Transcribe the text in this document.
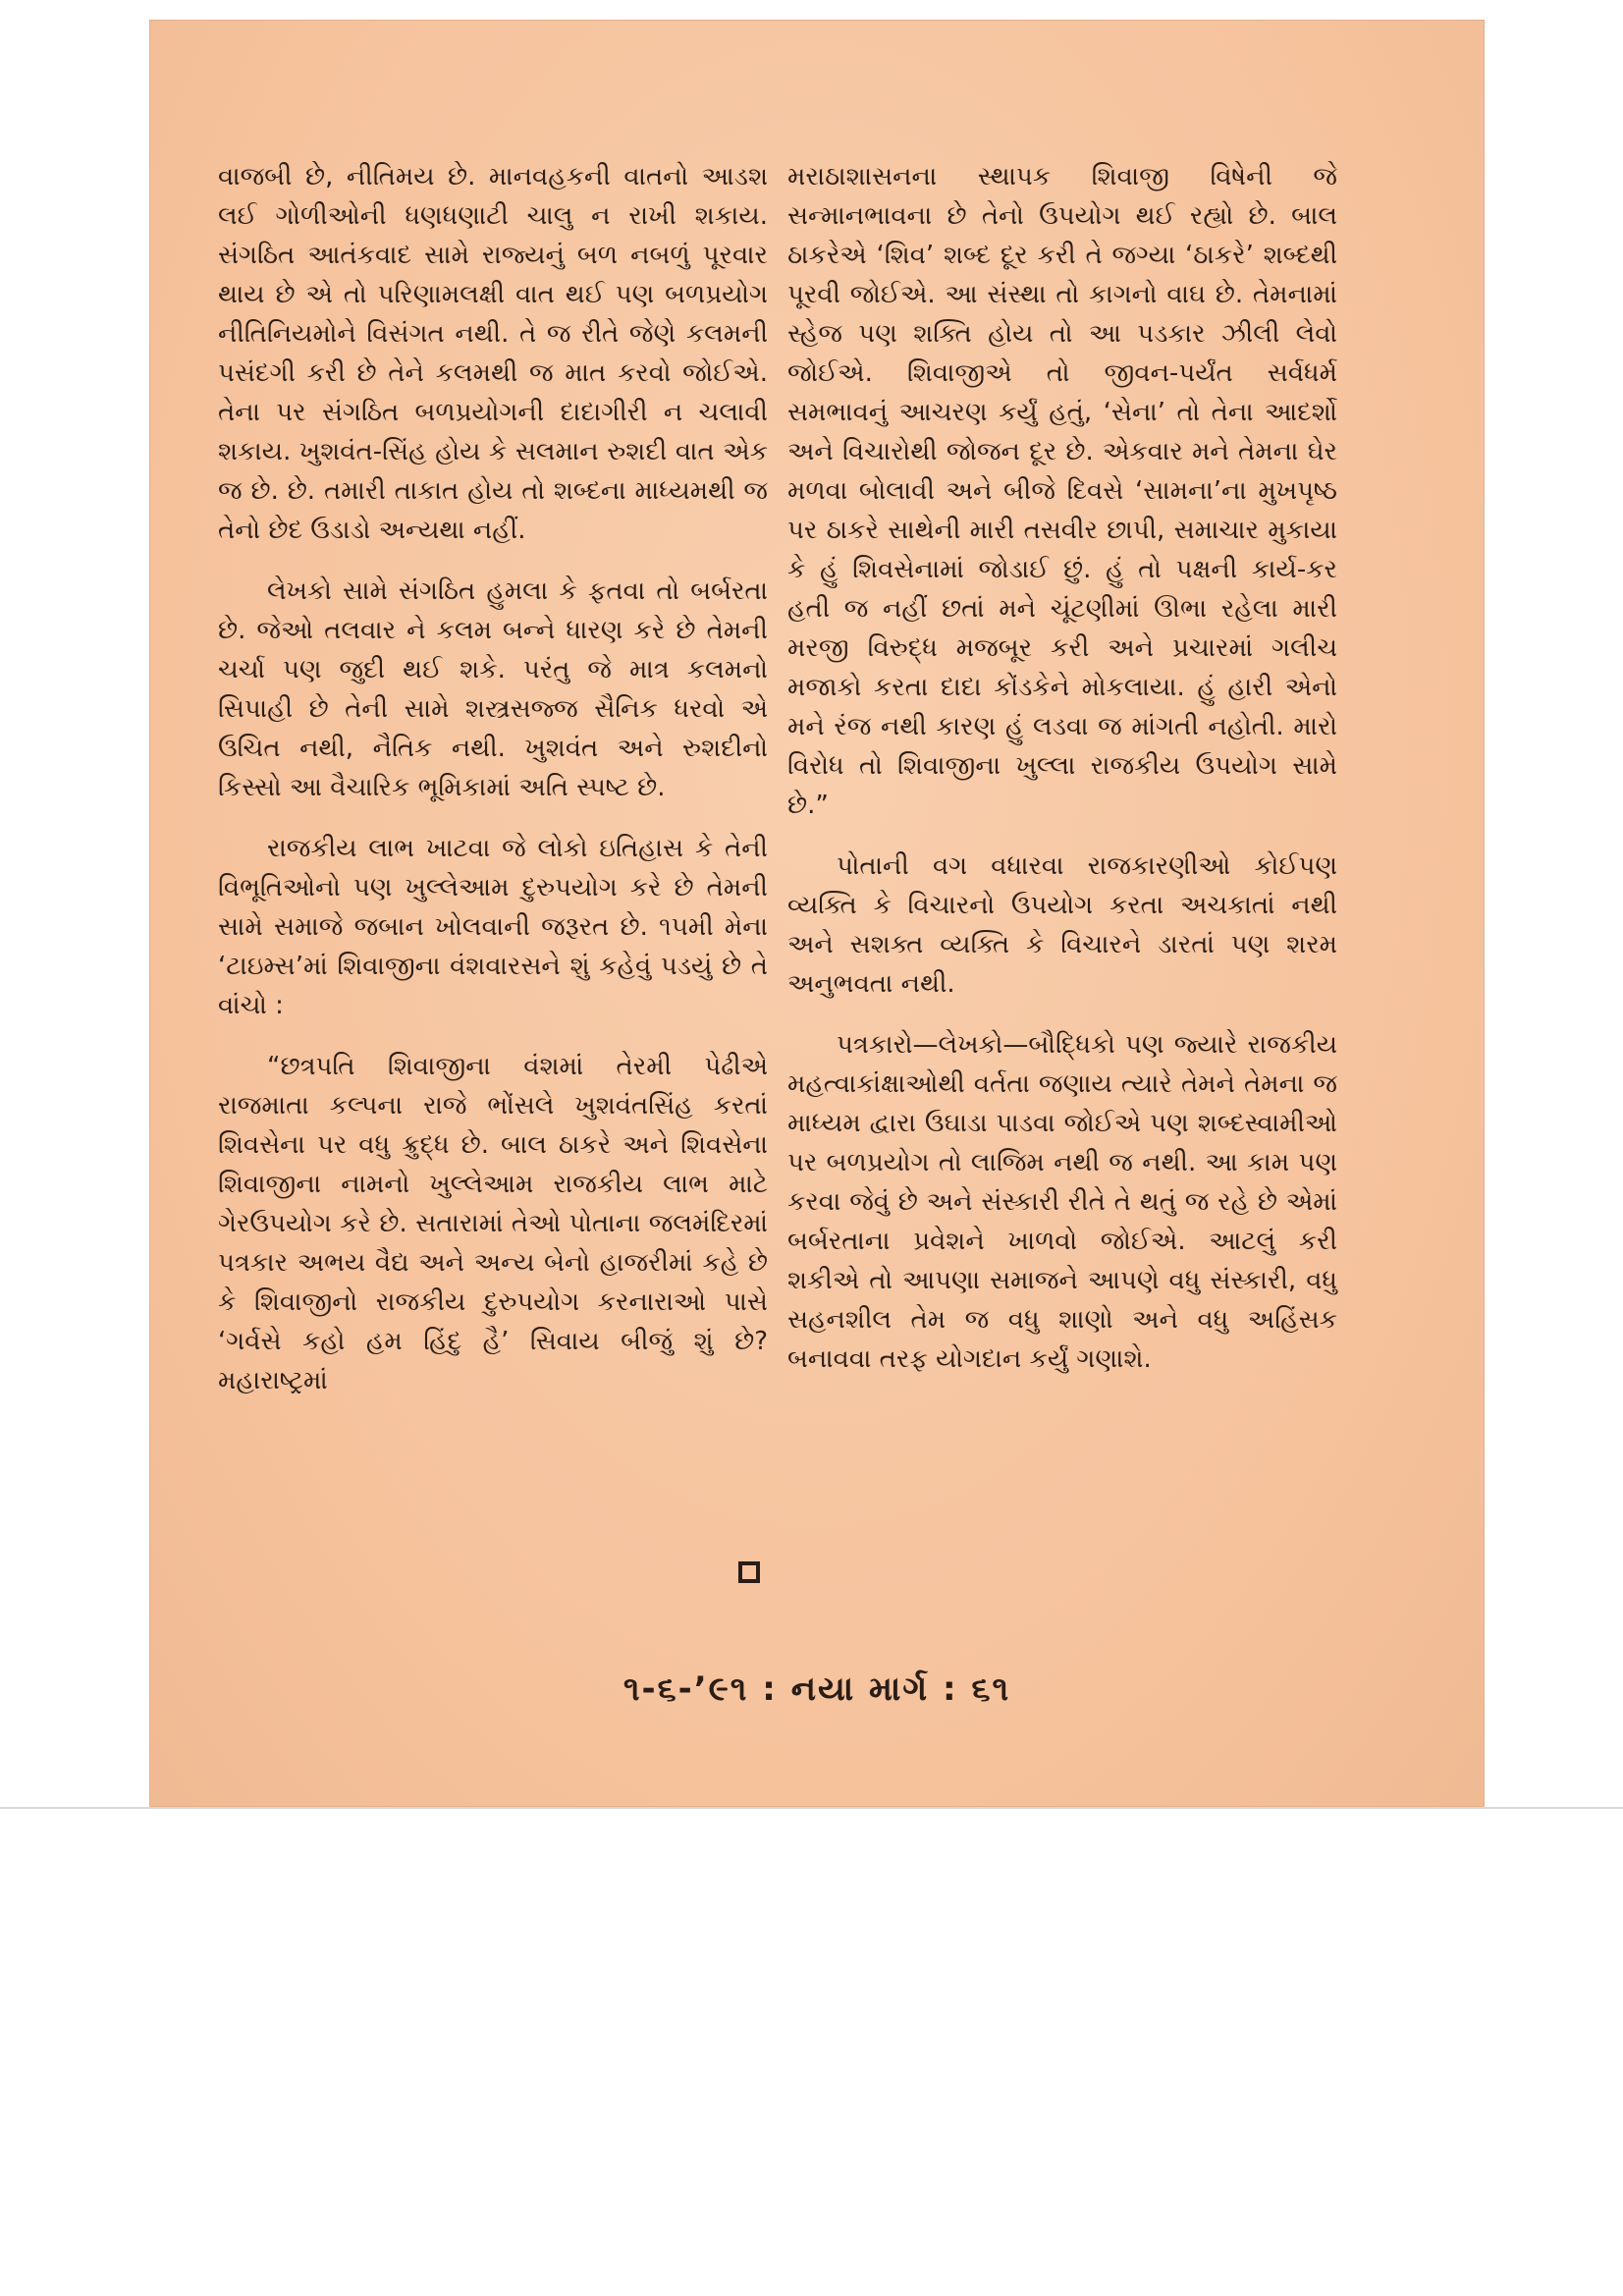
વાજબી છે, નીતિમય છે. માનવહકની વાતનો આડશ લઈ ગોળીઓની ધણધણાટી ચાલુ ન રાખી શકાય. સંગઠિત આતંકવાદ સામે રાજ્યનું બળ નબળું પૂરવાર થાય છે એ તો પરિણામલક્ષી વાત થઈ પણ બળપ્રયોગ નીતિનિયમોને વિસંગત નથી. તે જ રીતે જેણે કલમની પસંદગી કરી છે તેને કલમથી જ માત કરવો જોઈએ. તેના પર સંગઠિત બળપ્રયોગની દાદાગીરી ન ચલાવી શકાય. ખુશવંત-સિંહ હોય કે સલમાન રુશદી વાત એક જ છે. છે. તમારી તાકાત હોય તો શબ્દના માધ્યમથી જ તેનો છેદ ઉડાડો અન્યથા નહીં.

લેખકો સામે સંગઠિત હુમલા કે ફતવા તો બર્બરતા છે. જેઓ તલવાર ને કલમ બન્ને ધારણ કરે છે તેમની ચર્ચા પણ જુદી થઈ શકે. પરંતુ જે માત્ર કલમનો સિપાહી છે તેની સામે શસ્ત્રસજ્જ સૈનિક ધરવો એ ઉચિત નથી, નૈતિક નથી. ખુશવંત અને રુશદીનો કિસ્સો આ વૈચારિક ભૂમિકામાં અતિ સ્પષ્ટ છે.

રાજકીય લાભ ખાટવા જે લોકો ઇતિહાસ કે તેની વિભૂતિઓનો પણ ખુલ્લેઆમ દુરુપયોગ કરે છે તેમની સામે સમાજે જબાન ખોલવાની જરૂરત છે. ૧૫મી મેના ‘ટાઇમ્સ’માં શિવાજીના વંશવારસને શું કહેવું પડયું છે તે વાંચો :

“છત્રપતિ શિવાજીના વંશમાં તેરમી પેઢીએ રાજમાતા કલ્પના રાજે ભોંસલે ખુશવંતસિંહ કરતાં શિવસેના પર વધુ ક્રુદ્ધ છે. બાલ ઠાકરે અને શિવસેના શિવાજીના નામનો ખુલ્લેઆમ રાજકીય લાભ માટે ગેરઉપયોગ કરે છે. સતારામાં તેઓ પોતાના જલમંદિરમાં પત્રકાર અભય વૈદ્ય અને અન્ય બેનો હાજરીમાં કહે છે કે શિવાજીનો રાજકીય દુરુપયોગ કરનારાઓ પાસે ‘ગર્વસે કહો હમ હિંદુ હૈ’ સિવાય બીજું શું છે? મહારાષ્ટ્રમાં

મરાઠાશાસનના સ્થાપક શિવાજી વિષેની જે સન્માનભાવના છે તેનો ઉપયોગ થઈ રહ્યો છે. બાલ ઠાકરેએ ‘શિવ’ શબ્દ દૂર કરી તે જગ્યા ‘ઠાકરે’ શબ્દથી પૂરવી જોઈએ. આ સંસ્થા તો કાગનો વાઘ છે. તેમનામાં સ્હેજ પણ શક્તિ હોય તો આ પડકાર ઝીલી લેવો જોઈએ. શિવાજીએ તો જીવન-પર્યંત સર્વધર્મ સમભાવનું આચરણ કર્યું હતું, ‘સેના’ તો તેના આદર્શો અને વિચારોથી જોજન દૂર છે. એકવાર મને તેમના ઘેર મળવા બોલાવી અને બીજે દિવસે ‘સામના’ના મુખપૃષ્ઠ પર ઠાકરે સાથેની મારી તસવીર છાપી, સમાચાર મુકાયા કે હું શિવસેનામાં જોડાઈ છું. હું તો પક્ષની કાર્ય-કર હતી જ નહીં છતાં મને ચૂંટણીમાં ઊભા રહેલા મારી મરજી વિરુદ્ધ મજબૂર કરી અને પ્રચારમાં ગલીચ મજાકો કરતા દાદા કોંડકેને મોકલાયા. હું હારી એનો મને રંજ નથી કારણ હું લડવા જ માંગતી નહોતી. મારો વિરોધ તો શિવાજીના ખુલ્લા રાજકીય ઉપયોગ સામે છે.”

પોતાની વગ વધારવા રાજકારણીઓ કોઈપણ વ્યક્તિ કે વિચારનો ઉપયોગ કરતા અચકાતાં નથી અને સશક્ત વ્યક્તિ કે વિચારને ડારતાં પણ શરમ અનુભવતા નથી.

પત્રકારો—લેખકો—બૌદ્ધિકો પણ જ્યારે રાજકીય મહત્વાકાંક્ષાઓથી વર્તતા જણાય ત્યારે તેમને તેમના જ માધ્યમ દ્વારા ઉઘાડા પાડવા જોઈએ પણ શબ્દસ્વામીઓ પર બળપ્રયોગ તો લાજિમ નથી જ નથી. આ કામ પણ કરવા જેવું છે અને સંસ્કારી રીતે તે થતું જ રહે છે એમાં બર્બરતાના પ્રવેશને ખાળવો જોઈએ. આટલું કરી શકીએ તો આપણા સમાજને આપણે વધુ સંસ્કારી, વધુ સહનશીલ તેમ જ વધુ શાણો અને વધુ અહિંસક બનાવવા તરફ યોગદાન કર્યું ગણાશે.

૧-૬-’૯૧ : નયા માર્ગ : ૬૧
